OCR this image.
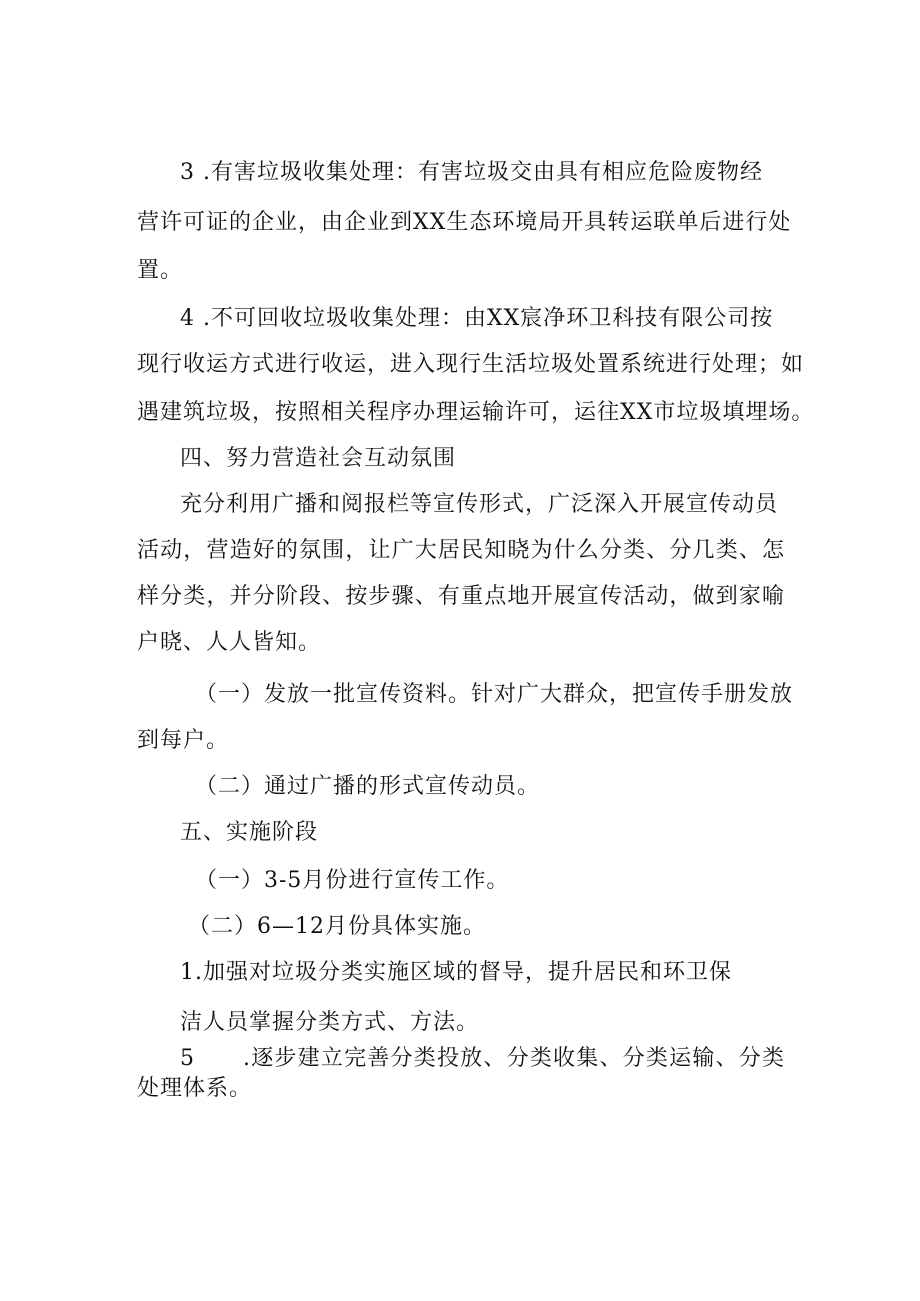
3 .有害垃圾收集处理：有害垃圾交由具有相应危险废物经
营许可证的企业，由企业到XX生态环境局开具转运联单后进行处
置。
4 .不可回收垃圾收集处理：由XX宸净环卫科技有限公司按
现行收运方式进行收运，进入现行生活垃圾处置系统进行处理；如
遇建筑垃圾，按照相关程序办理运输许可，运往XX市垃圾填埋场。
四、努力营造社会互动氛围
充分利用广播和阅报栏等宣传形式，广泛深入开展宣传动员
活动，营造好的氛围，让广大居民知晓为什么分类、分几类、怎
样分类，并分阶段、按步骤、有重点地开展宣传活动，做到家喻
户晓、人人皆知。
（一）发放一批宣传资料。针对广大群众，把宣传手册发放
到每户。
（二）通过广播的形式宣传动员。
五、实施阶段
（一）3-5月份进行宣传工作。
（二）6—12月份具体实施。
1.加强对垃圾分类实施区域的督导，提升居民和环卫保
洁人员掌握分类方式、方法。
5 .逐步建立完善分类投放、分类收集、分类运输、分类
处理体系。
